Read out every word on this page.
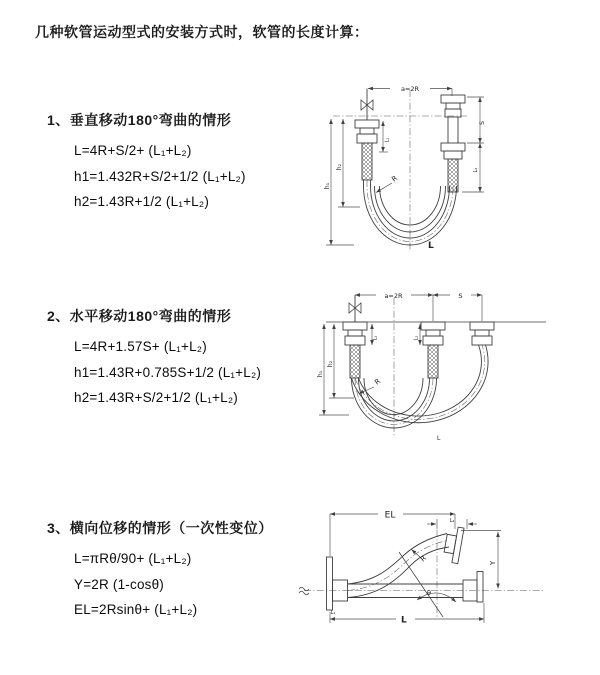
几种软管运动型式的安装方式时，软管的长度计算：
1、垂直移动180°弯曲的情形
L=4R+S/2+ (L₁+L₂)
h1=1.432R+S/2+1/2 (L₁+L₂)
h2=1.43R+1/2 (L₁+L₂)
2、水平移动180°弯曲的情形
L=4R+1.57S+ (L₁+L₂)
h1=1.43R+0.785S+1/2 (L₁+L₂)
h2=1.43R+S/2+1/2 (L₁+L₂)
3、横向位移的情形（一次性变位）
L=πRθ/90+ (L₁+L₂)
Y=2R (1-cosθ)
EL=2Rsinθ+ (L₁+L₂)
a=2R
h₁
h₂
L₁
S
L₂
R
L
a=2R	S
h₁
h₂
L₁	L₂
R
L
EL
L₂
L₁
Y
R
θ
L
